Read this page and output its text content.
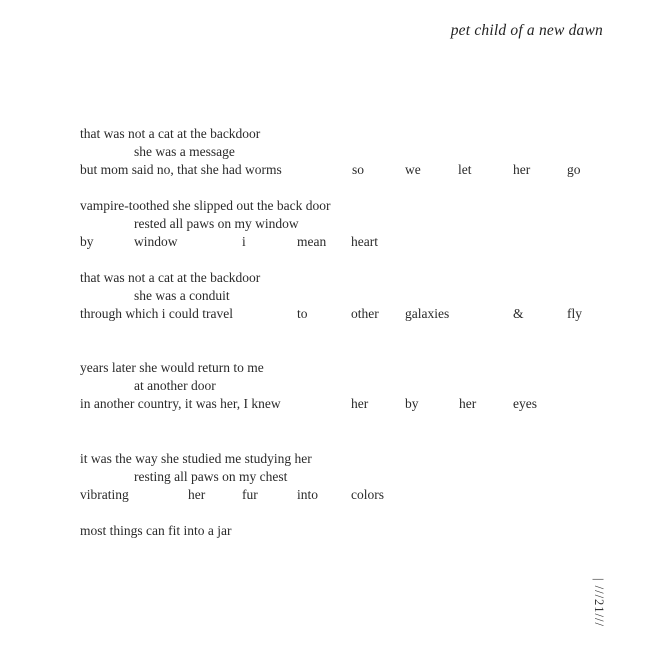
pet child of a new dawn
that was not a cat at the backdoor
she was a message
but mom said no, that she had worms	so	we	let	her	go
vampire-toothed she slipped out the back door
rested all paws on my window
by	window	i	mean heart
that was not a cat at the backdoor
she was a conduit
through which i could travel	to	other galaxies	&	fly
years later she would return to me
at another door
in another country, it was her, I knew	her	by	her	eyes
it was the way she studied me studying her
resting all paws on my chest
vibrating	her	fur	into colors
most things can fit into a jar
| ///21///
